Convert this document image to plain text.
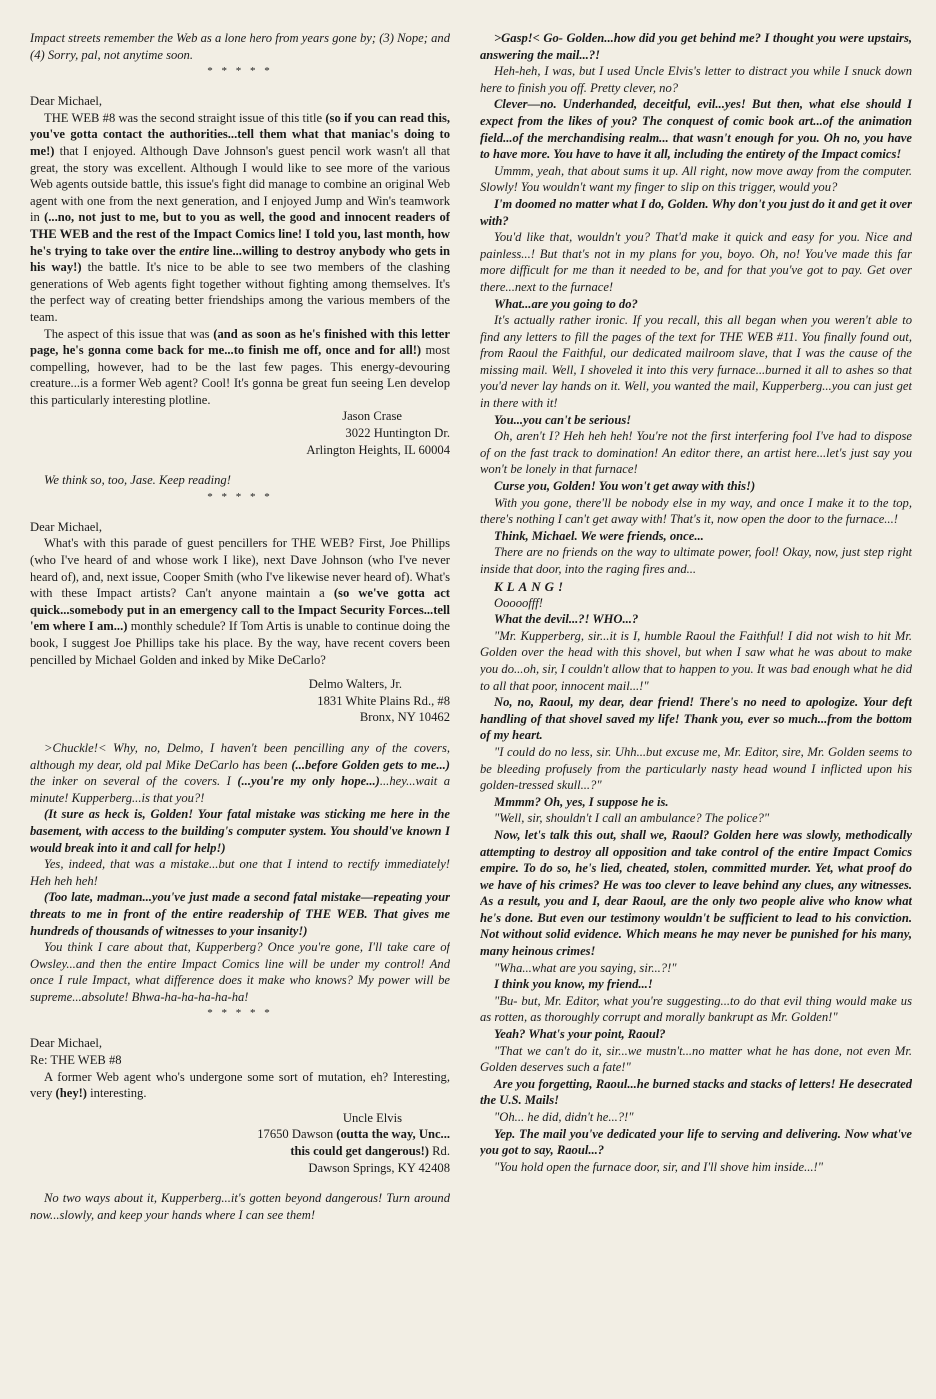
Impact streets remember the Web as a lone hero from years gone by; (3) Nope; and (4) Sorry, pal, not anytime soon.

* * * * *

Dear Michael,

THE WEB #8 was the second straight issue of this title (so if you can read this, you've gotta contact the authorities...tell them what that maniac's doing to me!) that I enjoyed. Although Dave Johnson's guest pencil work wasn't all that great, the story was excellent. Although I would like to see more of the various Web agents outside battle, this issue's fight did manage to combine an original Web agent with one from the next generation, and I enjoyed Jump and Win's teamwork in (...no, not just to me, but to you as well, the good and innocent readers of THE WEB and the rest of the Impact Comics line! I told you, last month, how he's trying to take over the entire line...willing to destroy anybody who gets in his way!) the battle. It's nice to be able to see two members of the clashing generations of Web agents fight together without fighting among themselves. It's the perfect way of creating better friendships among the various members of the team.

The aspect of this issue that was (and as soon as he's finished with this letter page, he's gonna come back for me...to finish me off, once and for all!) most compelling, however, had to be the last few pages. This energy-devouring creature...is a former Web agent? Cool! It's gonna be great fun seeing Len develop this particularly interesting plotline.

Jason Crase

3022 Huntington Dr.

Arlington Heights, IL 60004

We think so, too, Jase. Keep reading!

* * * * *

Dear Michael,

What's with this parade of guest pencillers for THE WEB? First, Joe Phillips (who I've heard of and whose work I like), next Dave Johnson (who I've never heard of), and, next issue, Cooper Smith (who I've likewise never heard of). What's with these Impact artists? Can't anyone maintain a (so we've gotta act quick...somebody put in an emergency call to the Impact Security Forces...tell 'em where I am...) monthly schedule? If Tom Artis is unable to continue doing the book, I suggest Joe Phillips take his place. By the way, have recent covers been pencilled by Michael Golden and inked by Mike DeCarlo?

Delmo Walters, Jr.

1831 White Plains Rd., #8

Bronx, NY 10462

>Chuckle!< Why, no, Delmo, I haven't been pencilling any of the covers, although my dear, old pal Mike DeCarlo has been (...before Golden gets to me...) the inker on several of the covers. I (...you're my only hope...)...hey...wait a minute! Kupperberg...is that you?!

(It sure as heck is, Golden! Your fatal mistake was sticking me here in the basement, with access to the building's computer system. You should've known I would break into it and call for help!)

Yes, indeed, that was a mistake...but one that I intend to rectify immediately! Heh heh heh!

(Too late, madman...you've just made a second fatal mistake—repeating your threats to me in front of the entire readership of THE WEB. That gives me hundreds of thousands of witnesses to your insanity!)

You think I care about that, Kupperberg? Once you're gone, I'll take care of Owsley...and then the entire Impact Comics line will be under my control! And once I rule Impact, what difference does it make who knows? My power will be supreme...absolute! Bhwa-ha-ha-ha-ha-ha!

* * * * *

Dear Michael,

Re: THE WEB #8

A former Web agent who's undergone some sort of mutation, eh? Interesting, very (hey!) interesting.

Uncle Elvis

17650 Dawson (outta the way, Unc...

this could get dangerous!) Rd.

Dawson Springs, KY 42408

No two ways about it, Kupperberg...it's gotten beyond dangerous! Turn around now...slowly, and keep your hands where I can see them!

>Gasp!< Go- Golden...how did you get behind me? I thought you were upstairs, answering the mail...?!

Heh-heh, I was, but I used Uncle Elvis's letter to distract you while I snuck down here to finish you off. Pretty clever, no?

Clever—no. Underhanded, deceitful, evil...yes! But then, what else should I expect from the likes of you? The conquest of comic book art...of the animation field...of the merchandising realm... that wasn't enough for you. Oh no, you have to have more. You have to have it all, including the entirety of the Impact comics!

Ummm, yeah, that about sums it up. All right, now move away from the computer. Slowly! You wouldn't want my finger to slip on this trigger, would you?

I'm doomed no matter what I do, Golden. Why don't you just do it and get it over with?

You'd like that, wouldn't you? That'd make it quick and easy for you. Nice and painless...! But that's not in my plans for you, boyo. Oh, no! You've made this far more difficult for me than it needed to be, and for that you've got to pay. Get over there...next to the furnace!

What...are you going to do?

It's actually rather ironic. If you recall, this all began when you weren't able to find any letters to fill the pages of the text for THE WEB #11. You finally found out, from Raoul the Faithful, our dedicated mailroom slave, that I was the cause of the missing mail. Well, I shoveled it into this very furnace...burned it all to ashes so that you'd never lay hands on it. Well, you wanted the mail, Kupperberg...you can just get in there with it!

You...you can't be serious!

Oh, aren't I? Heh heh heh! You're not the first interfering fool I've had to dispose of on the fast track to domination! An editor there, an artist here...let's just say you won't be lonely in that furnace!

Curse you, Golden! You won't get away with this!)

With you gone, there'll be nobody else in my way, and once I make it to the top, there's nothing I can't get away with! That's it, now open the door to the furnace...!

Think, Michael. We were friends, once...

There are no friends on the way to ultimate power, fool! Okay, now, just step right inside that door, into the raging fires and...

KLANG!

Ooooofff!

What the devil...?! WHO...?

"Mr. Kupperberg, sir...it is I, humble Raoul the Faithful! I did not wish to hit Mr. Golden over the head with this shovel, but when I saw what he was about to make you do...oh, sir, I couldn't allow that to happen to you. It was bad enough what he did to all that poor, innocent mail...!"

No, no, Raoul, my dear, dear friend! There's no need to apologize. Your deft handling of that shovel saved my life! Thank you, ever so much...from the bottom of my heart.

"I could do no less, sir. Uhh...but excuse me, Mr. Editor, sire, Mr. Golden seems to be bleeding profusely from the particularly nasty head wound I inflicted upon his golden-tressed skull...?"

Mmmm? Oh, yes, I suppose he is.

"Well, sir, shouldn't I call an ambulance? The police?"

Now, let's talk this out, shall we, Raoul? Golden here was slowly, methodically attempting to destroy all opposition and take control of the entire Impact Comics empire. To do so, he's lied, cheated, stolen, committed murder. Yet, what proof do we have of his crimes? He was too clever to leave behind any clues, any witnesses. As a result, you and I, dear Raoul, are the only two people alive who know what he's done. But even our testimony wouldn't be sufficient to lead to his conviction. Not without solid evidence. Which means he may never be punished for his many, many heinous crimes!

"Wha...what are you saying, sir...?!"

I think you know, my friend...!

"Bu- but, Mr. Editor, what you're suggesting...to do that evil thing would make us as rotten, as thoroughly corrupt and morally bankrupt as Mr. Golden!"

Yeah? What's your point, Raoul?

"That we can't do it, sir...we mustn't...no matter what he has done, not even Mr. Golden deserves such a fate!"

Are you forgetting, Raoul...he burned stacks and stacks of letters! He desecrated the U.S. Mails!

"Oh... he did, didn't he...?!"

Yep. The mail you've dedicated your life to serving and delivering. Now what've you got to say, Raoul...?

"You hold open the furnace door, sir, and I'll shove him inside...!"
